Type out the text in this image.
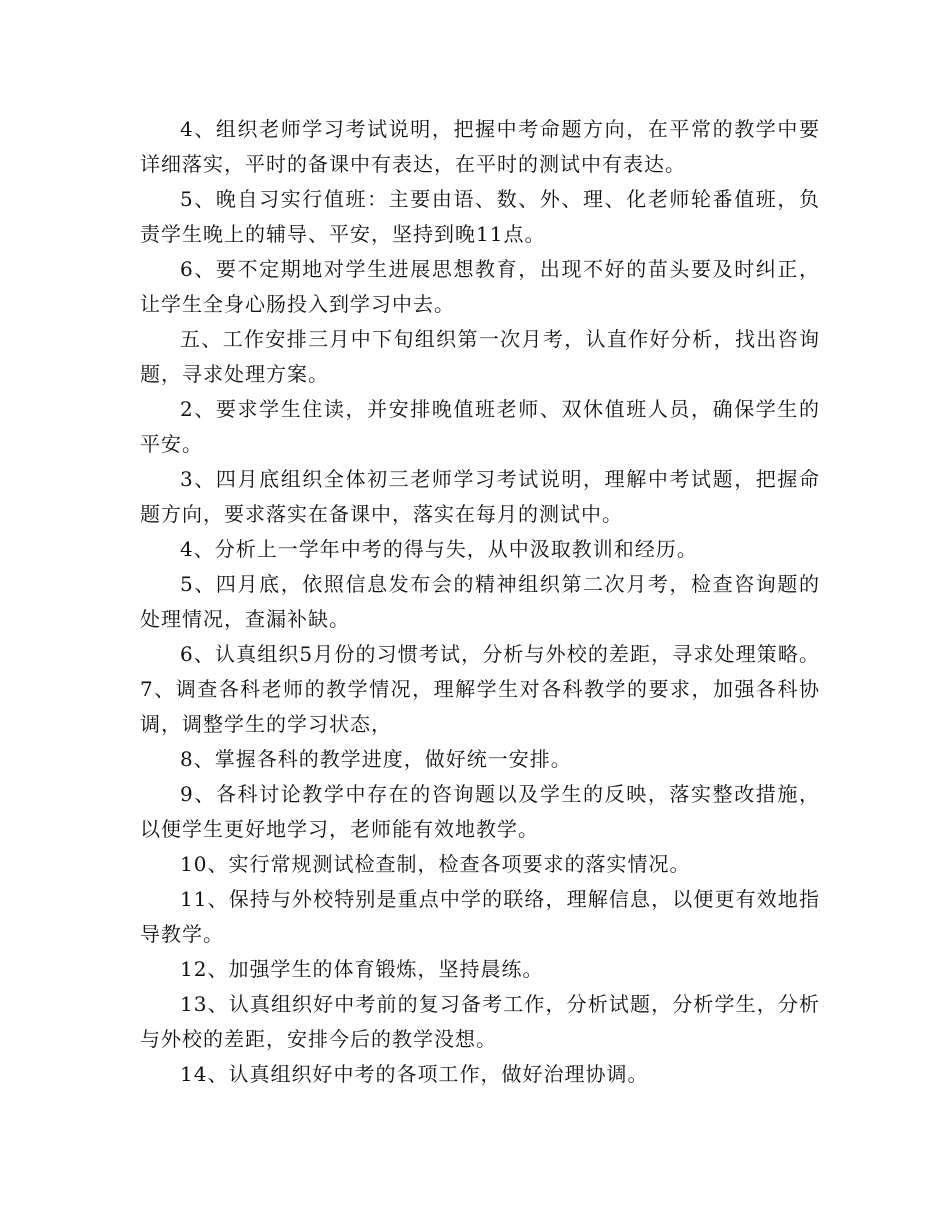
4、组织老师学习考试说明，把握中考命题方向，在平常的教学中要详细落实，平时的备课中有表达，在平时的测试中有表达。

5、晚自习实行值班：主要由语、数、外、理、化老师轮番值班，负责学生晚上的辅导、平安，坚持到晚11点。

6、要不定期地对学生进展思想教育，出现不好的苗头要及时纠正，让学生全身心肠投入到学习中去。

五、工作安排三月中下旬组织第一次月考，认直作好分析，找出咨询题，寻求处理方案。

2、要求学生住读，并安排晚值班老师、双休值班人员，确保学生的平安。

3、四月底组织全体初三老师学习考试说明，理解中考试题，把握命题方向，要求落实在备课中，落实在每月的测试中。

4、分析上一学年中考的得与失，从中汲取教训和经历。

5、四月底，依照信息发布会的精神组织第二次月考，检查咨询题的处理情况，查漏补缺。

6、认真组织5月份的习惯考试，分析与外校的差距，寻求处理策略。7、调查各科老师的教学情况，理解学生对各科教学的要求，加强各科协调，调整学生的学习状态，

8、掌握各科的教学进度，做好统一安排。

9、各科讨论教学中存在的咨询题以及学生的反映，落实整改措施，以便学生更好地学习，老师能有效地教学。

10、实行常规测试检查制，检查各项要求的落实情况。

11、保持与外校特别是重点中学的联络，理解信息，以便更有效地指导教学。

12、加强学生的体育锻炼，坚持晨练。

13、认真组织好中考前的复习备考工作，分析试题，分析学生，分析与外校的差距，安排今后的教学没想。

14、认真组织好中考的各项工作，做好治理协调。
